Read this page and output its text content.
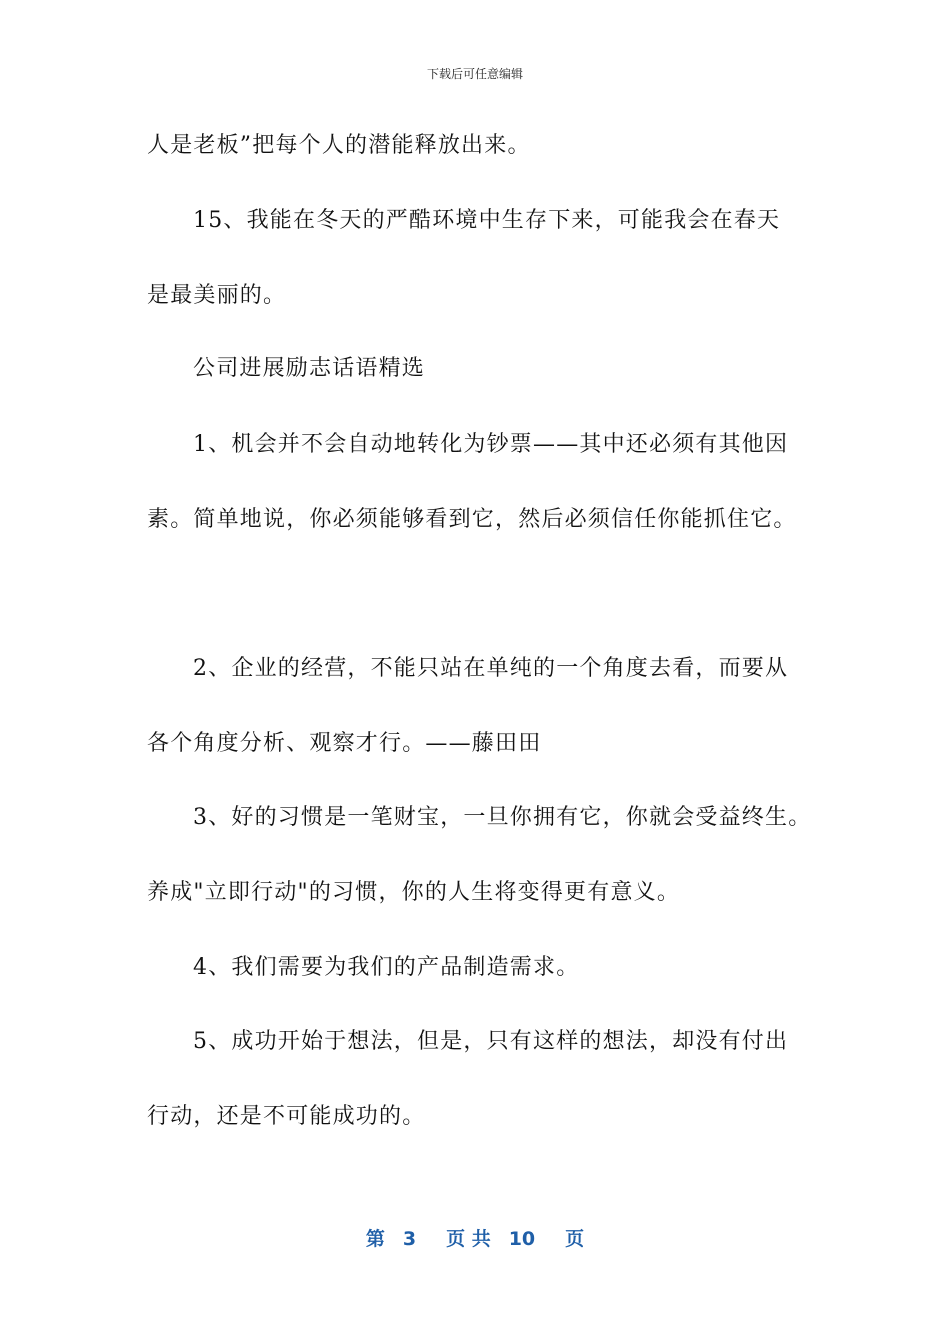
下载后可任意编辑
人是老板”把每个人的潜能释放出来。
15、我能在冬天的严酷环境中生存下来，可能我会在春天
是最美丽的。
公司进展励志话语精选
1、机会并不会自动地转化为钞票——其中还必须有其他因
素。简单地说，你必须能够看到它，然后必须信任你能抓住它。
2、企业的经营，不能只站在单纯的一个角度去看，而要从
各个角度分析、观察才行。——藤田田
3、好的习惯是一笔财宝，一旦你拥有它，你就会受益终生。
养成"立即行动"的习惯，你的人生将变得更有意义。
4、我们需要为我们的产品制造需求。
5、成功开始于想法，但是，只有这样的想法，却没有付出
行动，还是不可能成功的。
第 3 页 共 10 页
